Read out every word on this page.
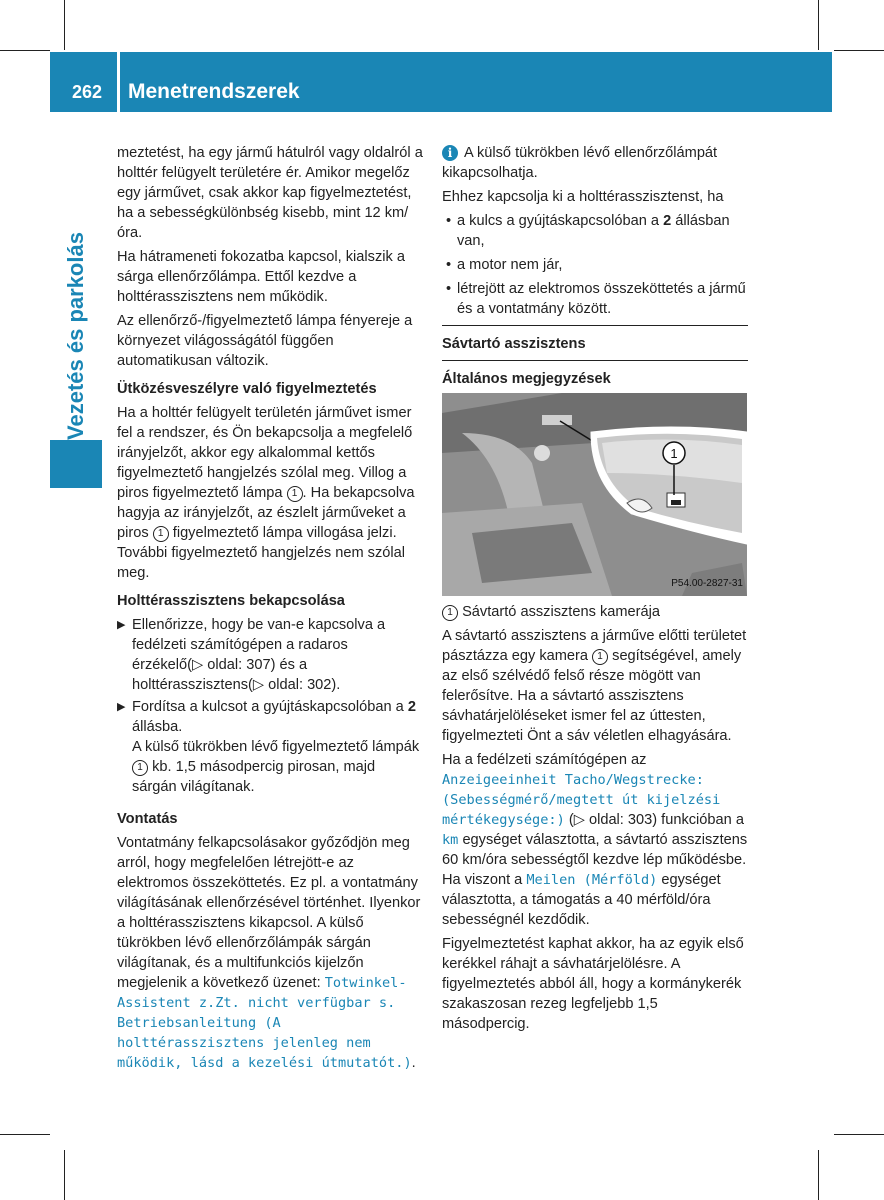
262 Menetrendszerek
Vezetés és parkolás

meztetést, ha egy jármű hátulról vagy oldalról a holttér felügyelt területére ér. Amikor megelőz egy járművet, csak akkor kap figyelmeztetést, ha a sebességkülönbség kisebb, mint 12 km/óra.

Ha hátrameneti fokozatba kapcsol, kialszik a sárga ellenőrzőlámpa. Ettől kezdve a holttérasszisztens nem működik.

Az ellenőrző-/figyelmeztető lámpa fényereje a környezet világosságától függően automatikusan változik.

Ütközésveszélyre való figyelmeztetés

Ha a holttér felügyelt területén járművet ismer fel a rendszer, és Ön bekapcsolja a megfelelő irányjelzőt, akkor egy alkalommal kettős figyelmeztető hangjelzés szólal meg. Villog a piros figyelmeztető lámpa 1 . Ha bekapcsolva hagyja az irányjelzőt, az észlelt járműveket a piros 1 figyelmeztető lámpa villogása jelzi. További figyelmeztető hangjelzés nem szólal meg.

Holttérasszisztens bekapcsolása
▶ Ellenőrizze, hogy be van-e kapcsolva a fedélzeti számítógépen a radaros érzékelő(▷ oldal: 307) és a holttérasszisztens(▷ oldal: 302).
▶ Fordítsa a kulcsot a gyújtáskapcsolóban a 2 állásba.
A külső tükrökben lévő figyelmeztető lámpák 1 kb. 1,5 másodpercig pirosan, majd sárgán világítanak.
Vontatás

Vontatmány felkapcsolásakor győződjön meg arról, hogy megfelelően létrejött-e az elektromos összeköttetés. Ez pl. a vontatmány világításának ellenőrzésével történhet. Ilyenkor a holttérasszisztens kikapcsol. A külső tükrökben lévő ellenőrzőlámpák sárgán világítanak, és a multifunkciós kijelzőn megjelenik a következő üzenet: Totwinkel-Assistent z.Zt. nicht verfügbar s. Betriebsanleitung (A holttérasszisztens jelenleg nem működik, lásd a kezelési útmutatót.).

i A külső tükrökben lévő ellenőrzőlámpát kikapcsolhatja.

Ehhez kapcsolja ki a holttérasszisztenst, ha

• a kulcs a gyújtáskapcsolóban a 2 állásban van,
• a motor nem jár,
• létrejött az elektromos összeköttetés a jármű és a vontatmány között.
Sávtartó asszisztens
Általános megjegyzések
1
P54.00-2827-31

1 Sávtartó asszisztens kamerája

A sávtartó asszisztens a járműve előtti területet pásztázza egy kamera 1 segítségével, amely az első szélvédő felső része mögött van felerősítve. Ha a sávtartó asszisztens sávhatárjelöléseket ismer fel az úttesten, figyelmezteti Önt a sáv véletlen elhagyására.

Ha a fedélzeti számítógépen az Anzeigeeinheit Tacho/Wegstrecke: (Sebességmérő/megtett út kijelzési mértékegysége:) (▷ oldal: 303) funkcióban a km egységet választotta, a sávtartó asszisztens 60 km/óra sebességtől kezdve lép működésbe. Ha viszont a Meilen (Mérföld) egységet választotta, a támogatás a 40 mérföld/óra sebességnél kezdődik.

Figyelmeztetést kaphat akkor, ha az egyik első kerékkel ráhajt a sávhatárjelölésre. A figyelmeztetés abból áll, hogy a kormánykerék szakaszosan rezeg legfeljebb 1,5 másodpercig.
